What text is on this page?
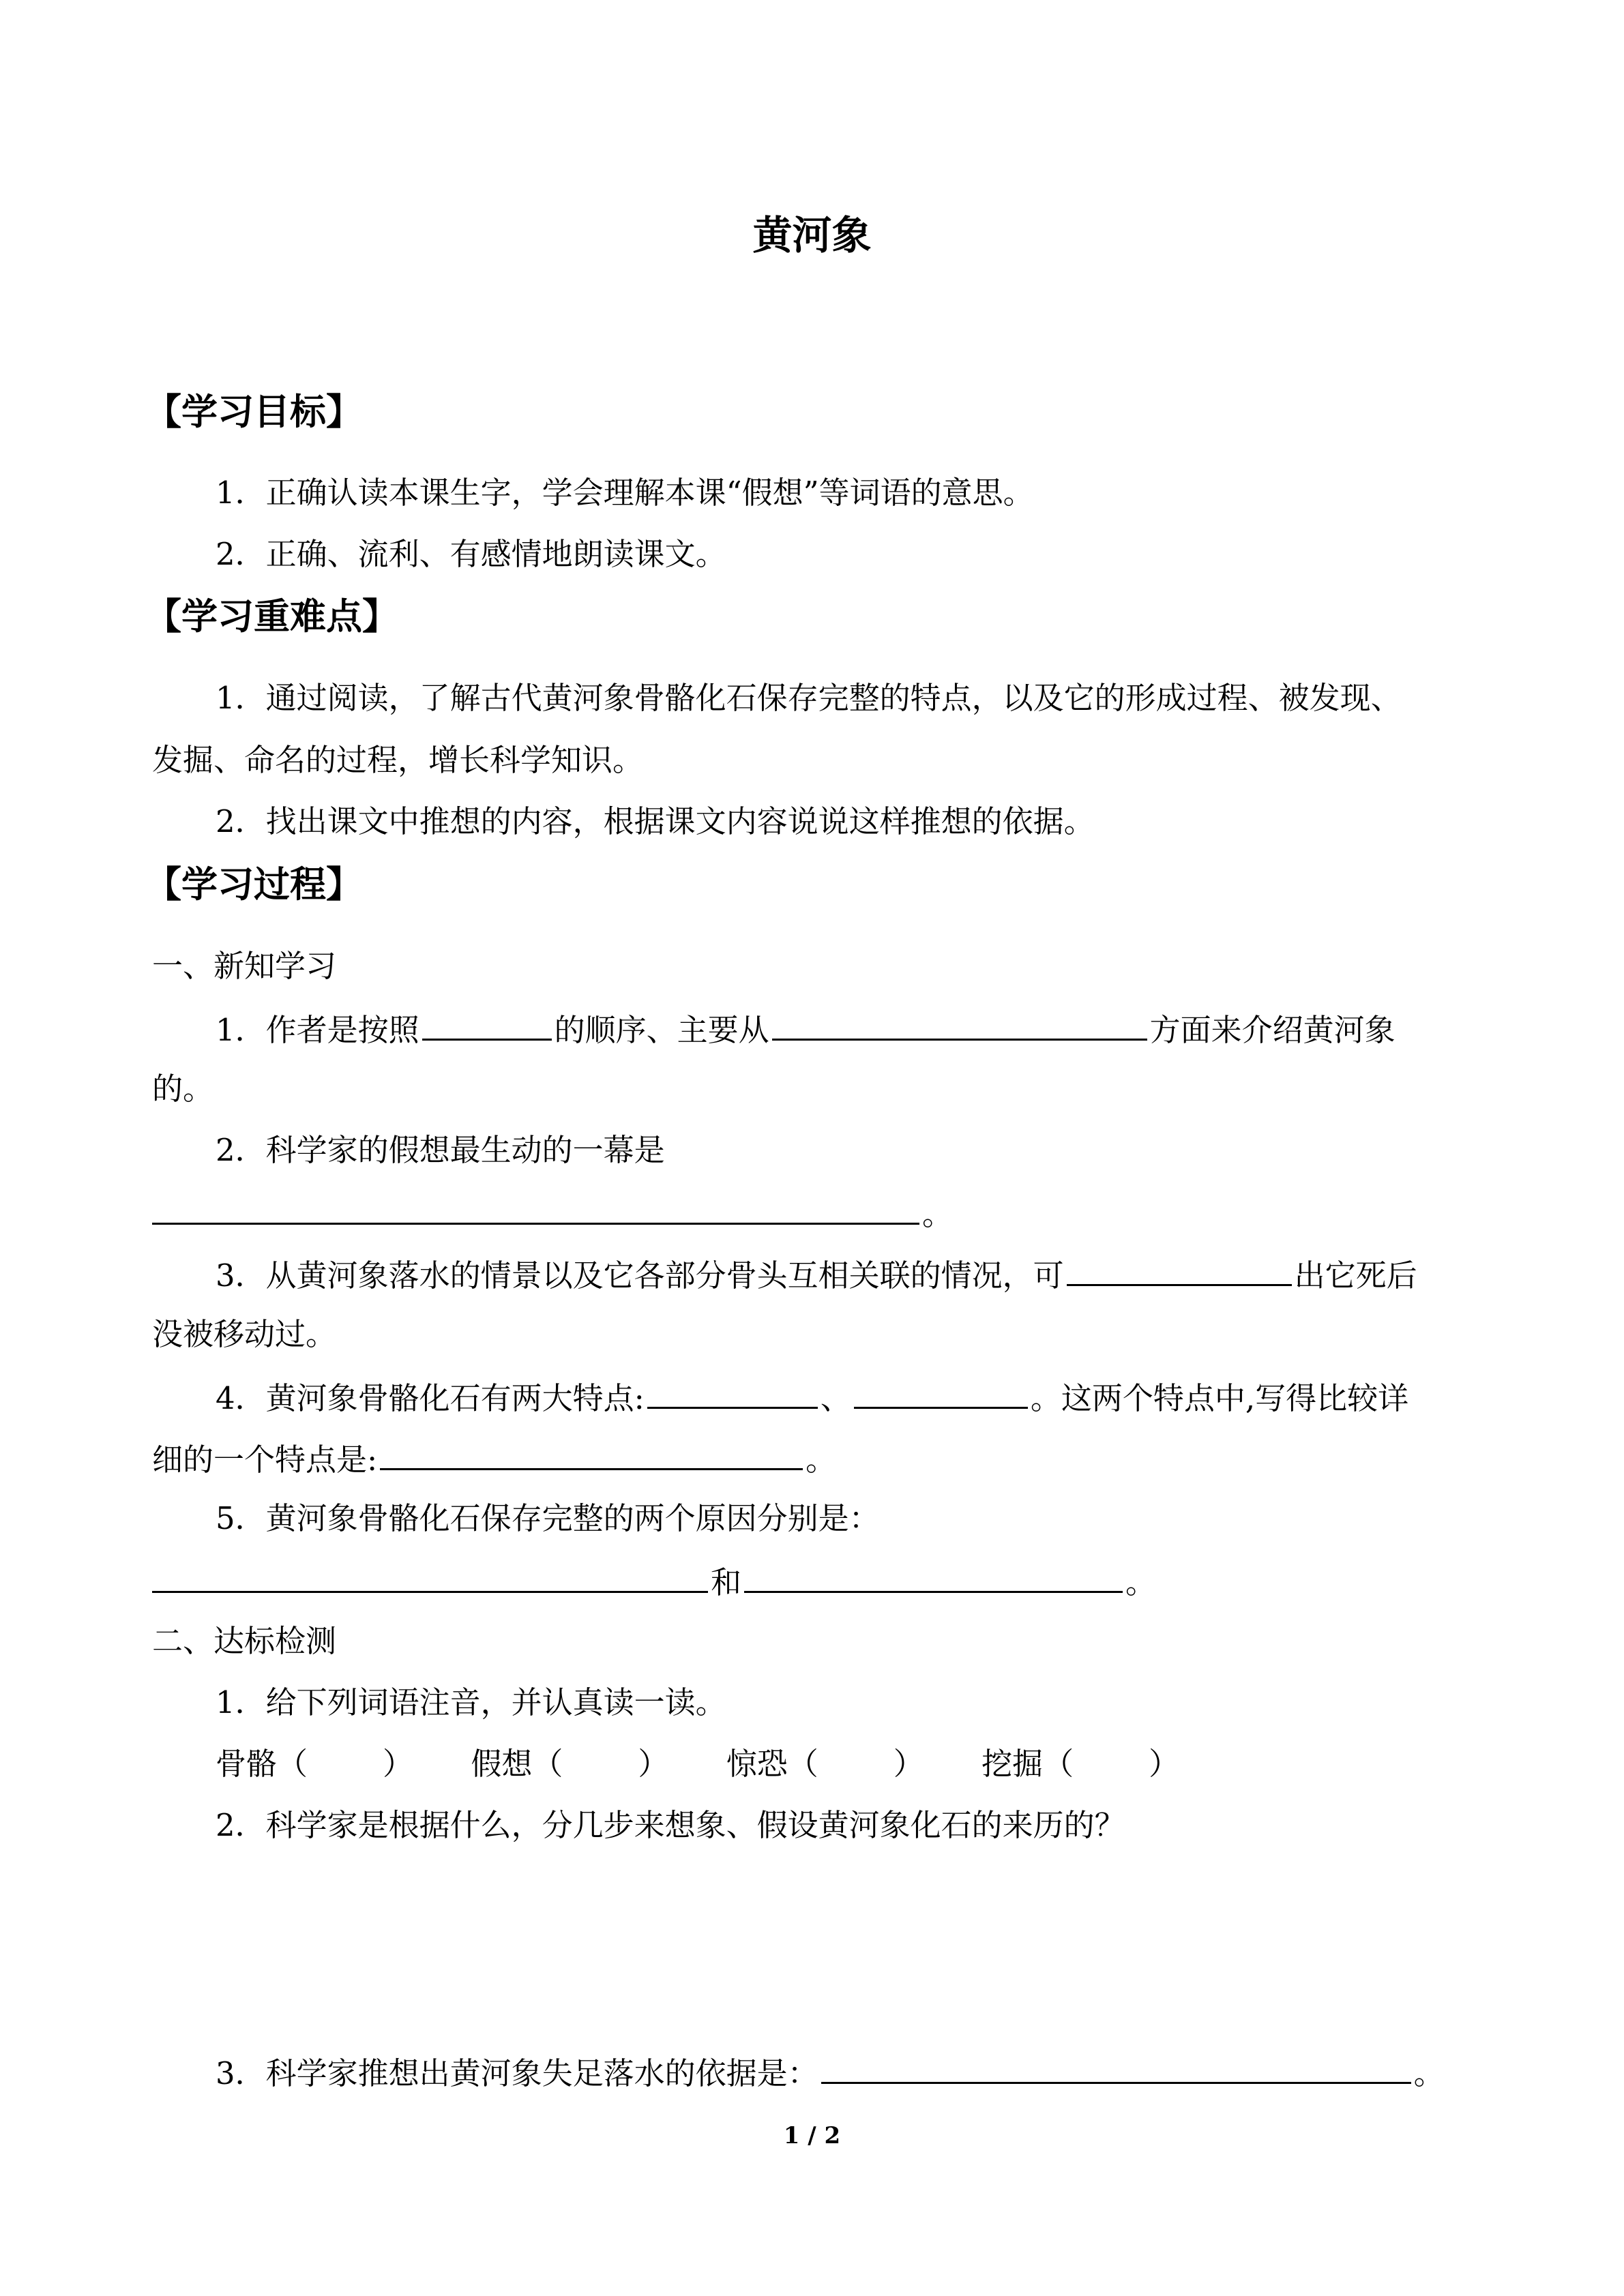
黄河象
【学习目标】
1．正确认读本课生字，学会理解本课“假想”等词语的意思。
2．正确、流利、有感情地朗读课文。
【学习重难点】
1．通过阅读，了解古代黄河象骨骼化石保存完整的特点，以及它的形成过程、被发现、
发掘、命名的过程，增长科学知识。
2．找出课文中推想的内容，根据课文内容说说这样推想的依据。
【学习过程】
一、新知学习
1．作者是按照	的顺序、主要从	方面来介绍黄河象
的。
2．科学家的假想最生动的一幕是
。
3．从黄河象落水的情景以及它各部分骨头互相关联的情况，可	出它死后
没被移动过。
4．黄河象骨骼化石有两大特点:	、	。这两个特点中,写得比较详
细的一个特点是:	。
5．黄河象骨骼化石保存完整的两个原因分别是：
和	。
二、达标检测
1．给下列词语注音，并认真读一读。
骨骼（ ） 假想（ ） 惊恐（ ） 挖掘（ ）
2．科学家是根据什么，分几步来想象、假设黄河象化石的来历的？
3．科学家推想出黄河象失足落水的依据是：	。
1 / 2
